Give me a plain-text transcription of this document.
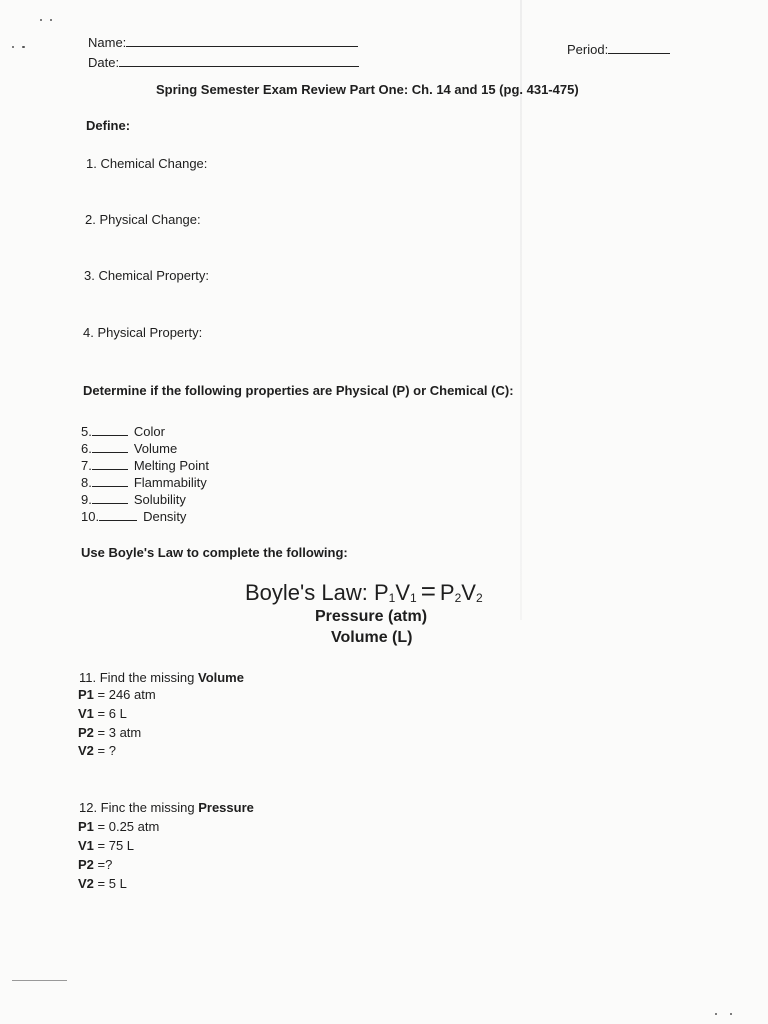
Name:
Date:
Period:
Spring Semester Exam Review Part One: Ch. 14 and 15 (pg. 431-475)
Define:
1. Chemical Change:
2. Physical Change:
3. Chemical Property:
4. Physical Property:
Determine if the following properties are Physical (P) or Chemical (C):
5.	Color
6.	Volume
7.	Melting Point
8.	Flammability
9.	Solubility
10.	Density
Use Boyle's Law to complete the following:
Boyle's Law: P1V1 = P2V2
Pressure (atm)
Volume (L)
11. Find the missing Volume
P1 = 246 atm
V1 = 6 L
P2 = 3 atm
V2 = ?
12. Finc the missing Pressure
P1 = 0.25 atm
V1 = 75 L
P2 =?
V2 = 5 L
